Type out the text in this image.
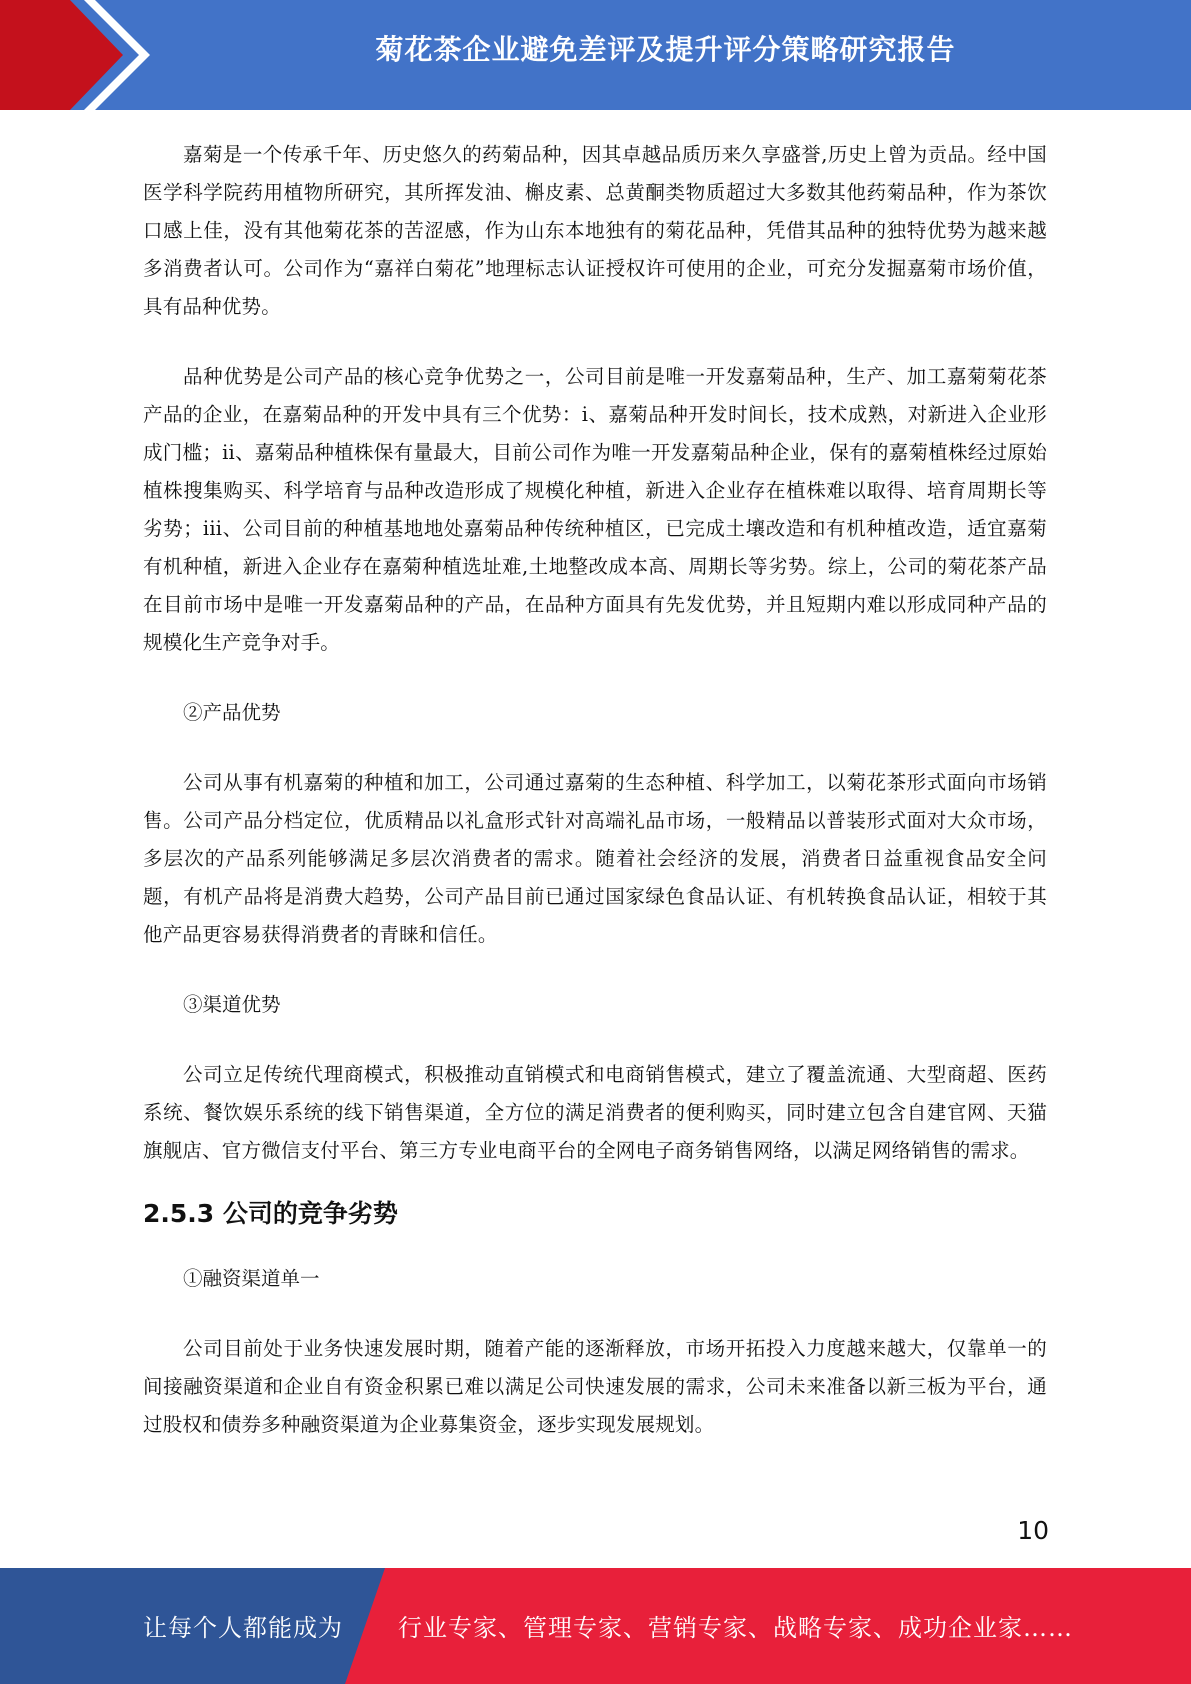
菊花茶企业避免差评及提升评分策略研究报告

嘉菊是一个传承千年、历史悠久的药菊品种，因其卓越品质历来久享盛誉,历史上曾为贡品。经中国医学科学院药用植物所研究，其所挥发油、槲皮素、总黄酮类物质超过大多数其他药菊品种，作为茶饮口感上佳，没有其他菊花茶的苦涩感，作为山东本地独有的菊花品种，凭借其品种的独特优势为越来越多消费者认可。公司作为“嘉祥白菊花”地理标志认证授权许可使用的企业，可充分发掘嘉菊市场价值，具有品种优势。

品种优势是公司产品的核心竞争优势之一，公司目前是唯一开发嘉菊品种，生产、加工嘉菊菊花茶产品的企业，在嘉菊品种的开发中具有三个优势：i、嘉菊品种开发时间长，技术成熟，对新进入企业形成门槛；ii、嘉菊品种植株保有量最大，目前公司作为唯一开发嘉菊品种企业，保有的嘉菊植株经过原始植株搜集购买、科学培育与品种改造形成了规模化种植，新进入企业存在植株难以取得、培育周期长等劣势；iii、公司目前的种植基地地处嘉菊品种传统种植区，已完成土壤改造和有机种植改造，适宜嘉菊有机种植，新进入企业存在嘉菊种植选址难,土地整改成本高、周期长等劣势。综上，公司的菊花茶产品在目前市场中是唯一开发嘉菊品种的产品，在品种方面具有先发优势，并且短期内难以形成同种产品的规模化生产竞争对手。

②产品优势

公司从事有机嘉菊的种植和加工，公司通过嘉菊的生态种植、科学加工，以菊花茶形式面向市场销售。公司产品分档定位，优质精品以礼盒形式针对高端礼品市场，一般精品以普装形式面对大众市场，多层次的产品系列能够满足多层次消费者的需求。随着社会经济的发展，消费者日益重视食品安全问题，有机产品将是消费大趋势，公司产品目前已通过国家绿色食品认证、有机转换食品认证，相较于其他产品更容易获得消费者的青睐和信任。

③渠道优势

公司立足传统代理商模式，积极推动直销模式和电商销售模式，建立了覆盖流通、大型商超、医药系统、餐饮娱乐系统的线下销售渠道，全方位的满足消费者的便利购买，同时建立包含自建官网、天猫旗舰店、官方微信支付平台、第三方专业电商平台的全网电子商务销售网络，以满足网络销售的需求。

2.5.3 公司的竞争劣势

①融资渠道单一

公司目前处于业务快速发展时期，随着产能的逐渐释放，市场开拓投入力度越来越大，仅靠单一的间接融资渠道和企业自有资金积累已难以满足公司快速发展的需求，公司未来准备以新三板为平台，通过股权和债券多种融资渠道为企业募集资金，逐步实现发展规划。

10
让每个人都能成为 行业专家、管理专家、营销专家、战略专家、成功企业家……
